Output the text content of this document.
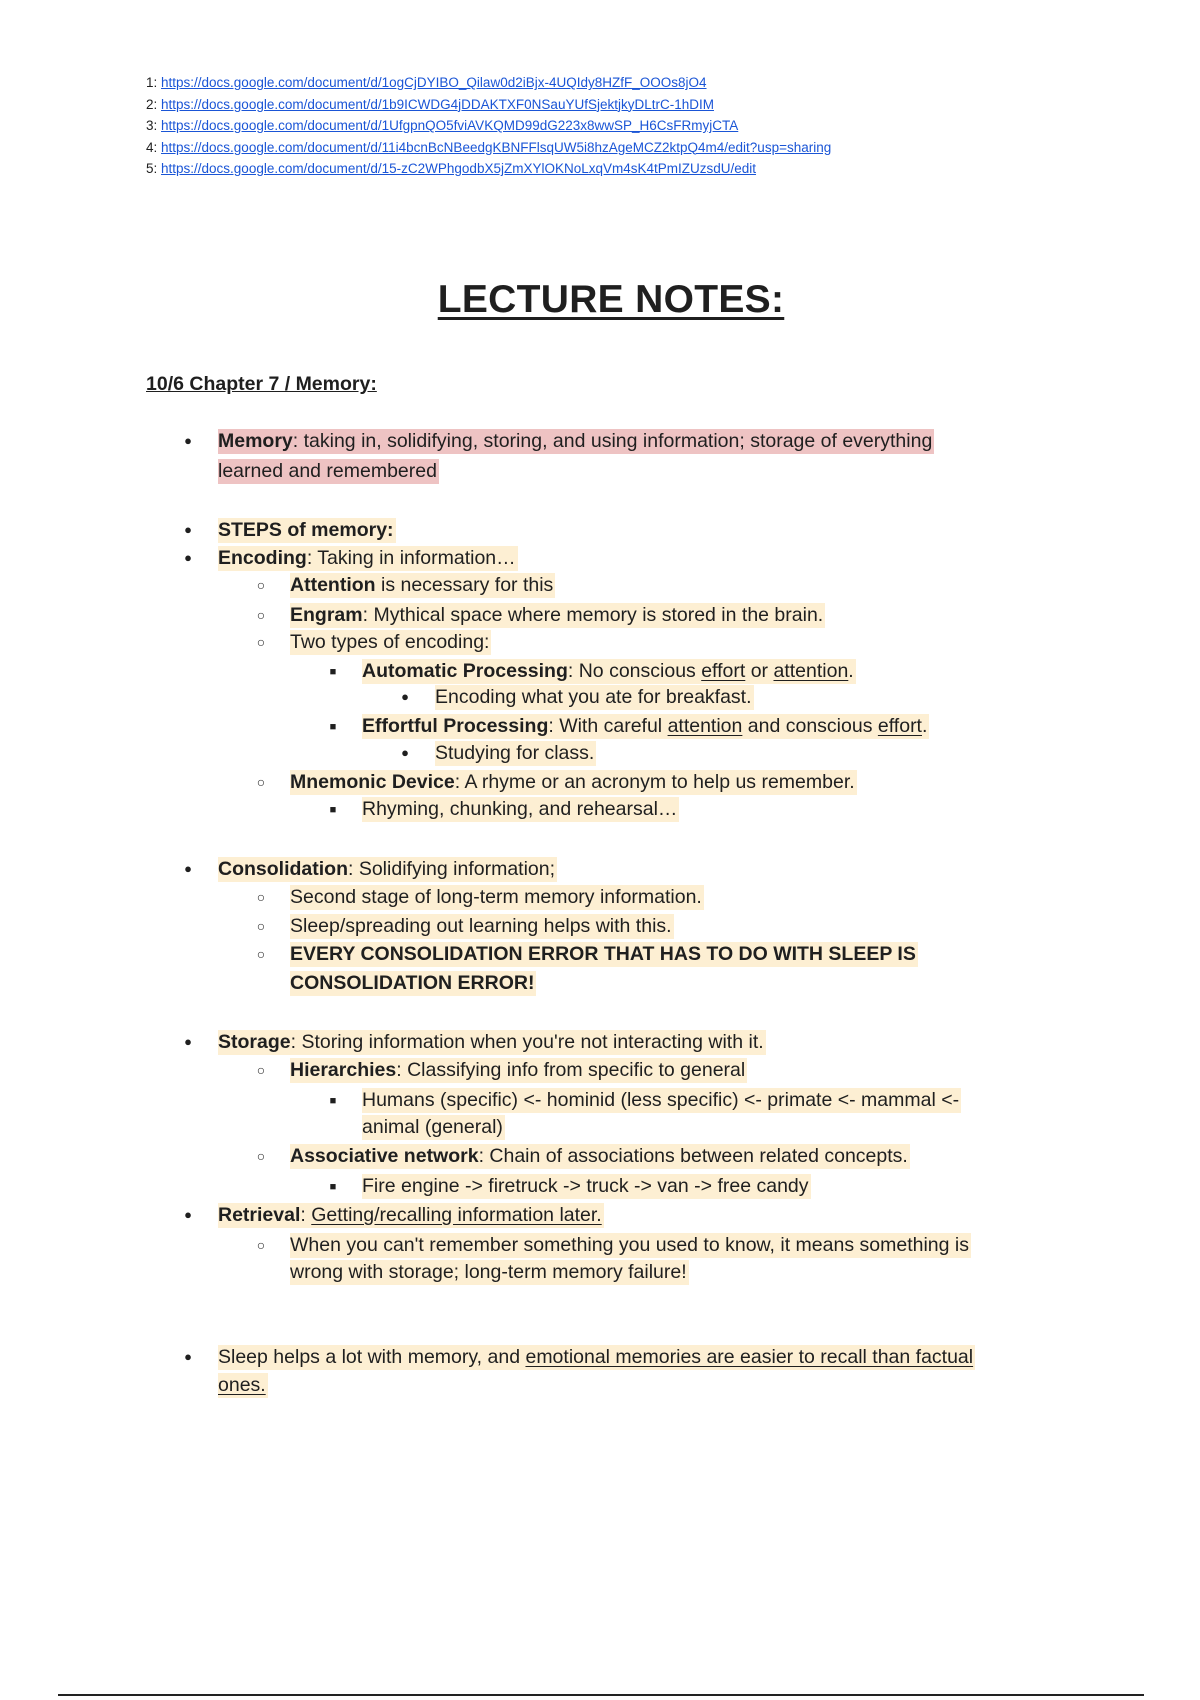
1: https://docs.google.com/document/d/1ogCjDYIBO_Qilaw0d2iBjx-4UQIdy8HZfF_OOOs8jO4
2: https://docs.google.com/document/d/1b9ICWDG4jDDAKTXF0NSauYUfSjektjkyDLtrC-1hDIM
3: https://docs.google.com/document/d/1UfgpnQO5fviAVKQMD99dG223x8wwSP_H6CsFRmyjCTA
4: https://docs.google.com/document/d/11i4bcnBcNBeedgKBNFFlsqUW5i8hzAgeMCZ2ktpQ4m4/edit?usp=sharing
5: https://docs.google.com/document/d/15-zC2WPhgodbX5jZmXYlOKNoLxqVm4sK4tPmIZUzsdU/edit
LECTURE NOTES:
10/6 Chapter 7 / Memory:
●
Memory: taking in, solidifying, storing, and using information; storage of everything
learned and remembered
●
STEPS of memory:
●
Encoding: Taking in information…
○
Attention is necessary for this
○
Engram: Mythical space where memory is stored in the brain.
○
Two types of encoding:
■
Automatic Processing: No conscious effort or attention.
●
Encoding what you ate for breakfast.
■
Effortful Processing: With careful attention and conscious effort.
●
Studying for class.
○
Mnemonic Device: A rhyme or an acronym to help us remember.
■
Rhyming, chunking, and rehearsal…
●
Consolidation: Solidifying information;
○
Second stage of long-term memory information.
○
Sleep/spreading out learning helps with this.
○
EVERY CONSOLIDATION ERROR THAT HAS TO DO WITH SLEEP IS
CONSOLIDATION ERROR!
●
Storage: Storing information when you're not interacting with it.
○
Hierarchies: Classifying info from specific to general
■
Humans (specific) <- hominid (less specific) <- primate <- mammal <-
animal (general)
○
Associative network: Chain of associations between related concepts.
■
Fire engine -> firetruck -> truck -> van -> free candy
●
Retrieval: Getting/recalling information later.
○
When you can't remember something you used to know, it means something is
wrong with storage; long-term memory failure!
●
Sleep helps a lot with memory, and emotional memories are easier to recall than factual
ones.
